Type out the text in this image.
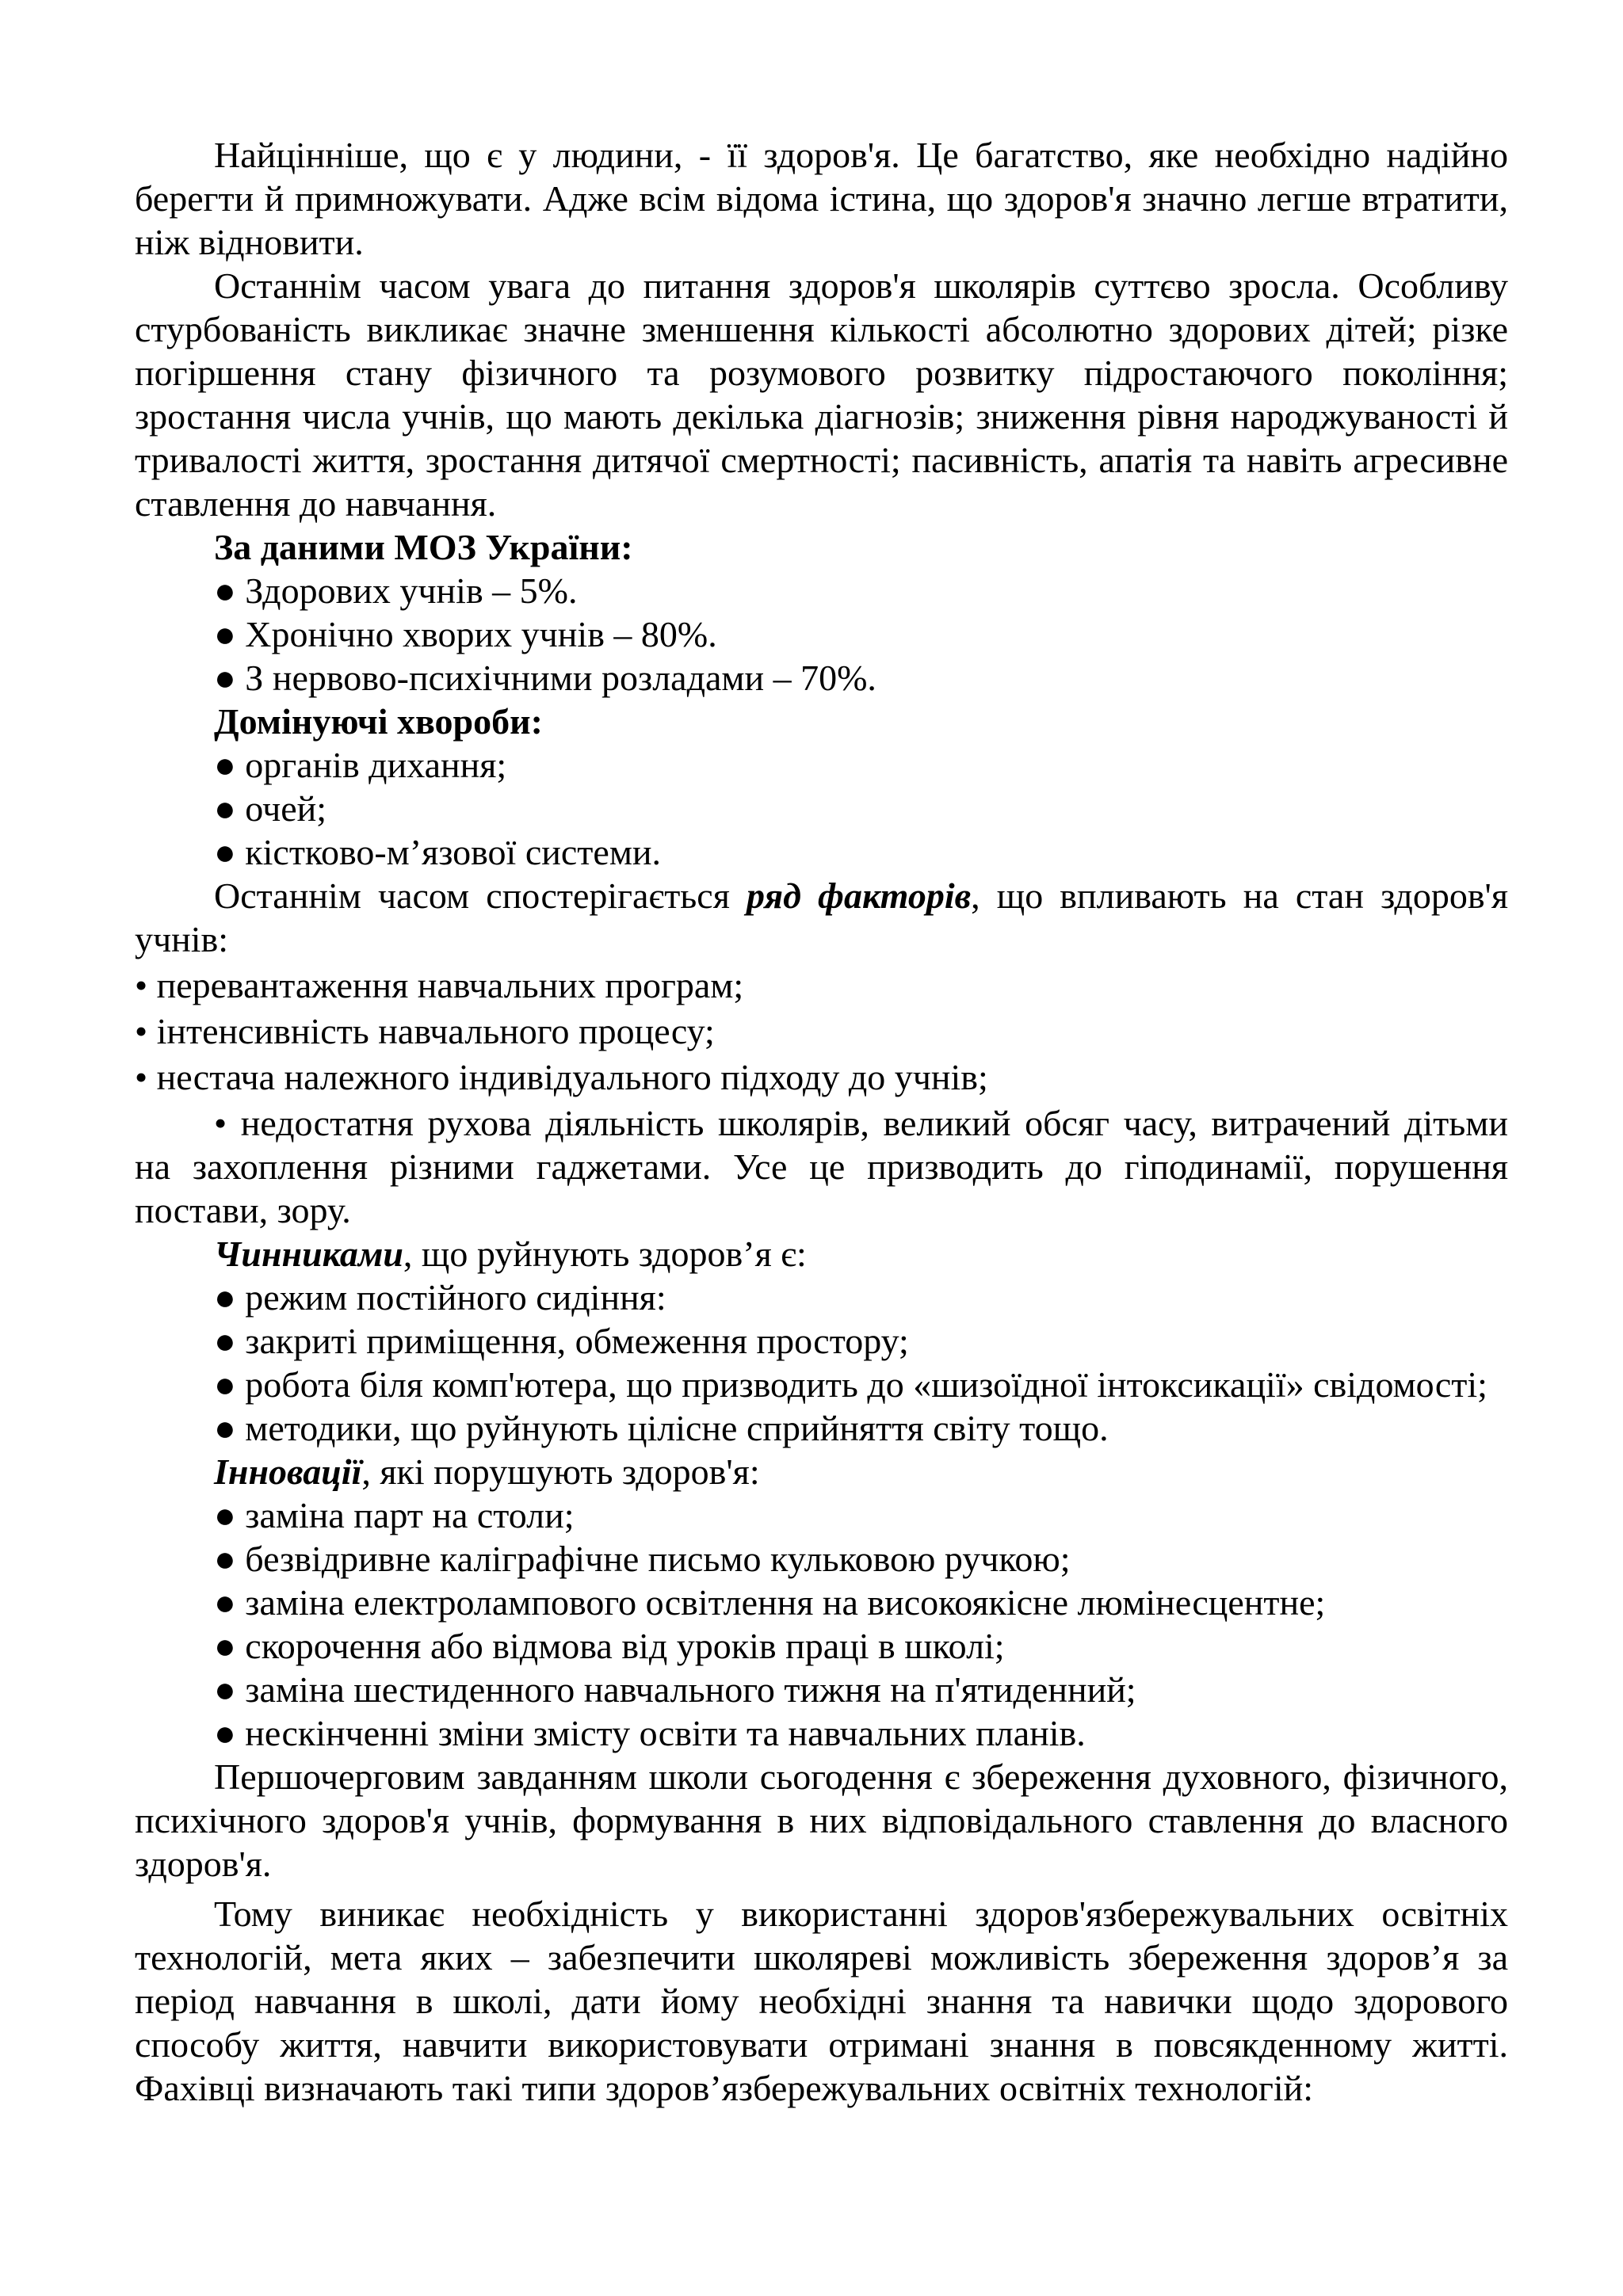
Найцінніше, що є у людини, - її здоров'я. Це багатство, яке необхідно надійно берегти й примножувати. Адже всім відома істина, що здоров'я значно легше втратити, ніж відновити.

Останнім часом увага до питання здоров'я школярів суттєво зросла. Особливу стурбованість викликає значне зменшення кількості абсолютно здорових дітей; різке погіршення стану фізичного та розумового розвитку підростаючого покоління; зростання числа учнів, що мають декілька діагнозів; зниження рівня народжуваності й тривалості життя, зростання дитячої смертності; пасивність, апатія та навіть агресивне ставлення до навчання.

За даними МОЗ України:

● Здорових учнів – 5%.

● Хронічно хворих учнів – 80%.

● З нервово-психічними розладами – 70%.

Домінуючі хвороби:

● органів дихання;

● очей;

● кістково-м’язової системи.

Останнім часом спостерігається ряд факторів, що впливають на стан здоров'я учнів:

• перевантаження навчальних програм;

• інтенсивність навчального процесу;

• нестача належного індивідуального підходу до учнів;

• недостатня рухова діяльність школярів, великий обсяг часу, витрачений дітьми на захоплення різними гаджетами. Усе це призводить до гіподинамії, порушення постави, зору.

Чинниками, що руйнують здоров’я є:

● режим постійного сидіння:

● закриті приміщення, обмеження простору;

● робота біля комп'ютера, що призводить до «шизоїдної інтоксикації» свідомості;

● методики, що руйнують цілісне сприйняття світу тощо.

Інновації, які порушують здоров'я:

● заміна парт на столи;

● безвідривне каліграфічне письмо кульковою ручкою;

● заміна електролампового освітлення на високоякісне люмінесцентне;

● скорочення або відмова від уроків праці в школі;

● заміна шестиденного навчального тижня на п'ятиденний;

● нескінченні зміни змісту освіти та навчальних планів.

Першочерговим завданням школи сьогодення є збереження духовного, фізичного, психічного здоров'я учнів, формування в них відповідального ставлення до власного здоров'я.

Тому виникає необхідність у використанні здоров'язбережувальних освітніх технологій, мета яких – забезпечити школяреві можливість збереження здоров’я за період навчання в школі, дати йому необхідні знання та навички щодо здорового способу життя, навчити використовувати отримані знання в повсякденному житті. Фахівці визначають такі типи здоров’язбережувальних освітніх технологій:
